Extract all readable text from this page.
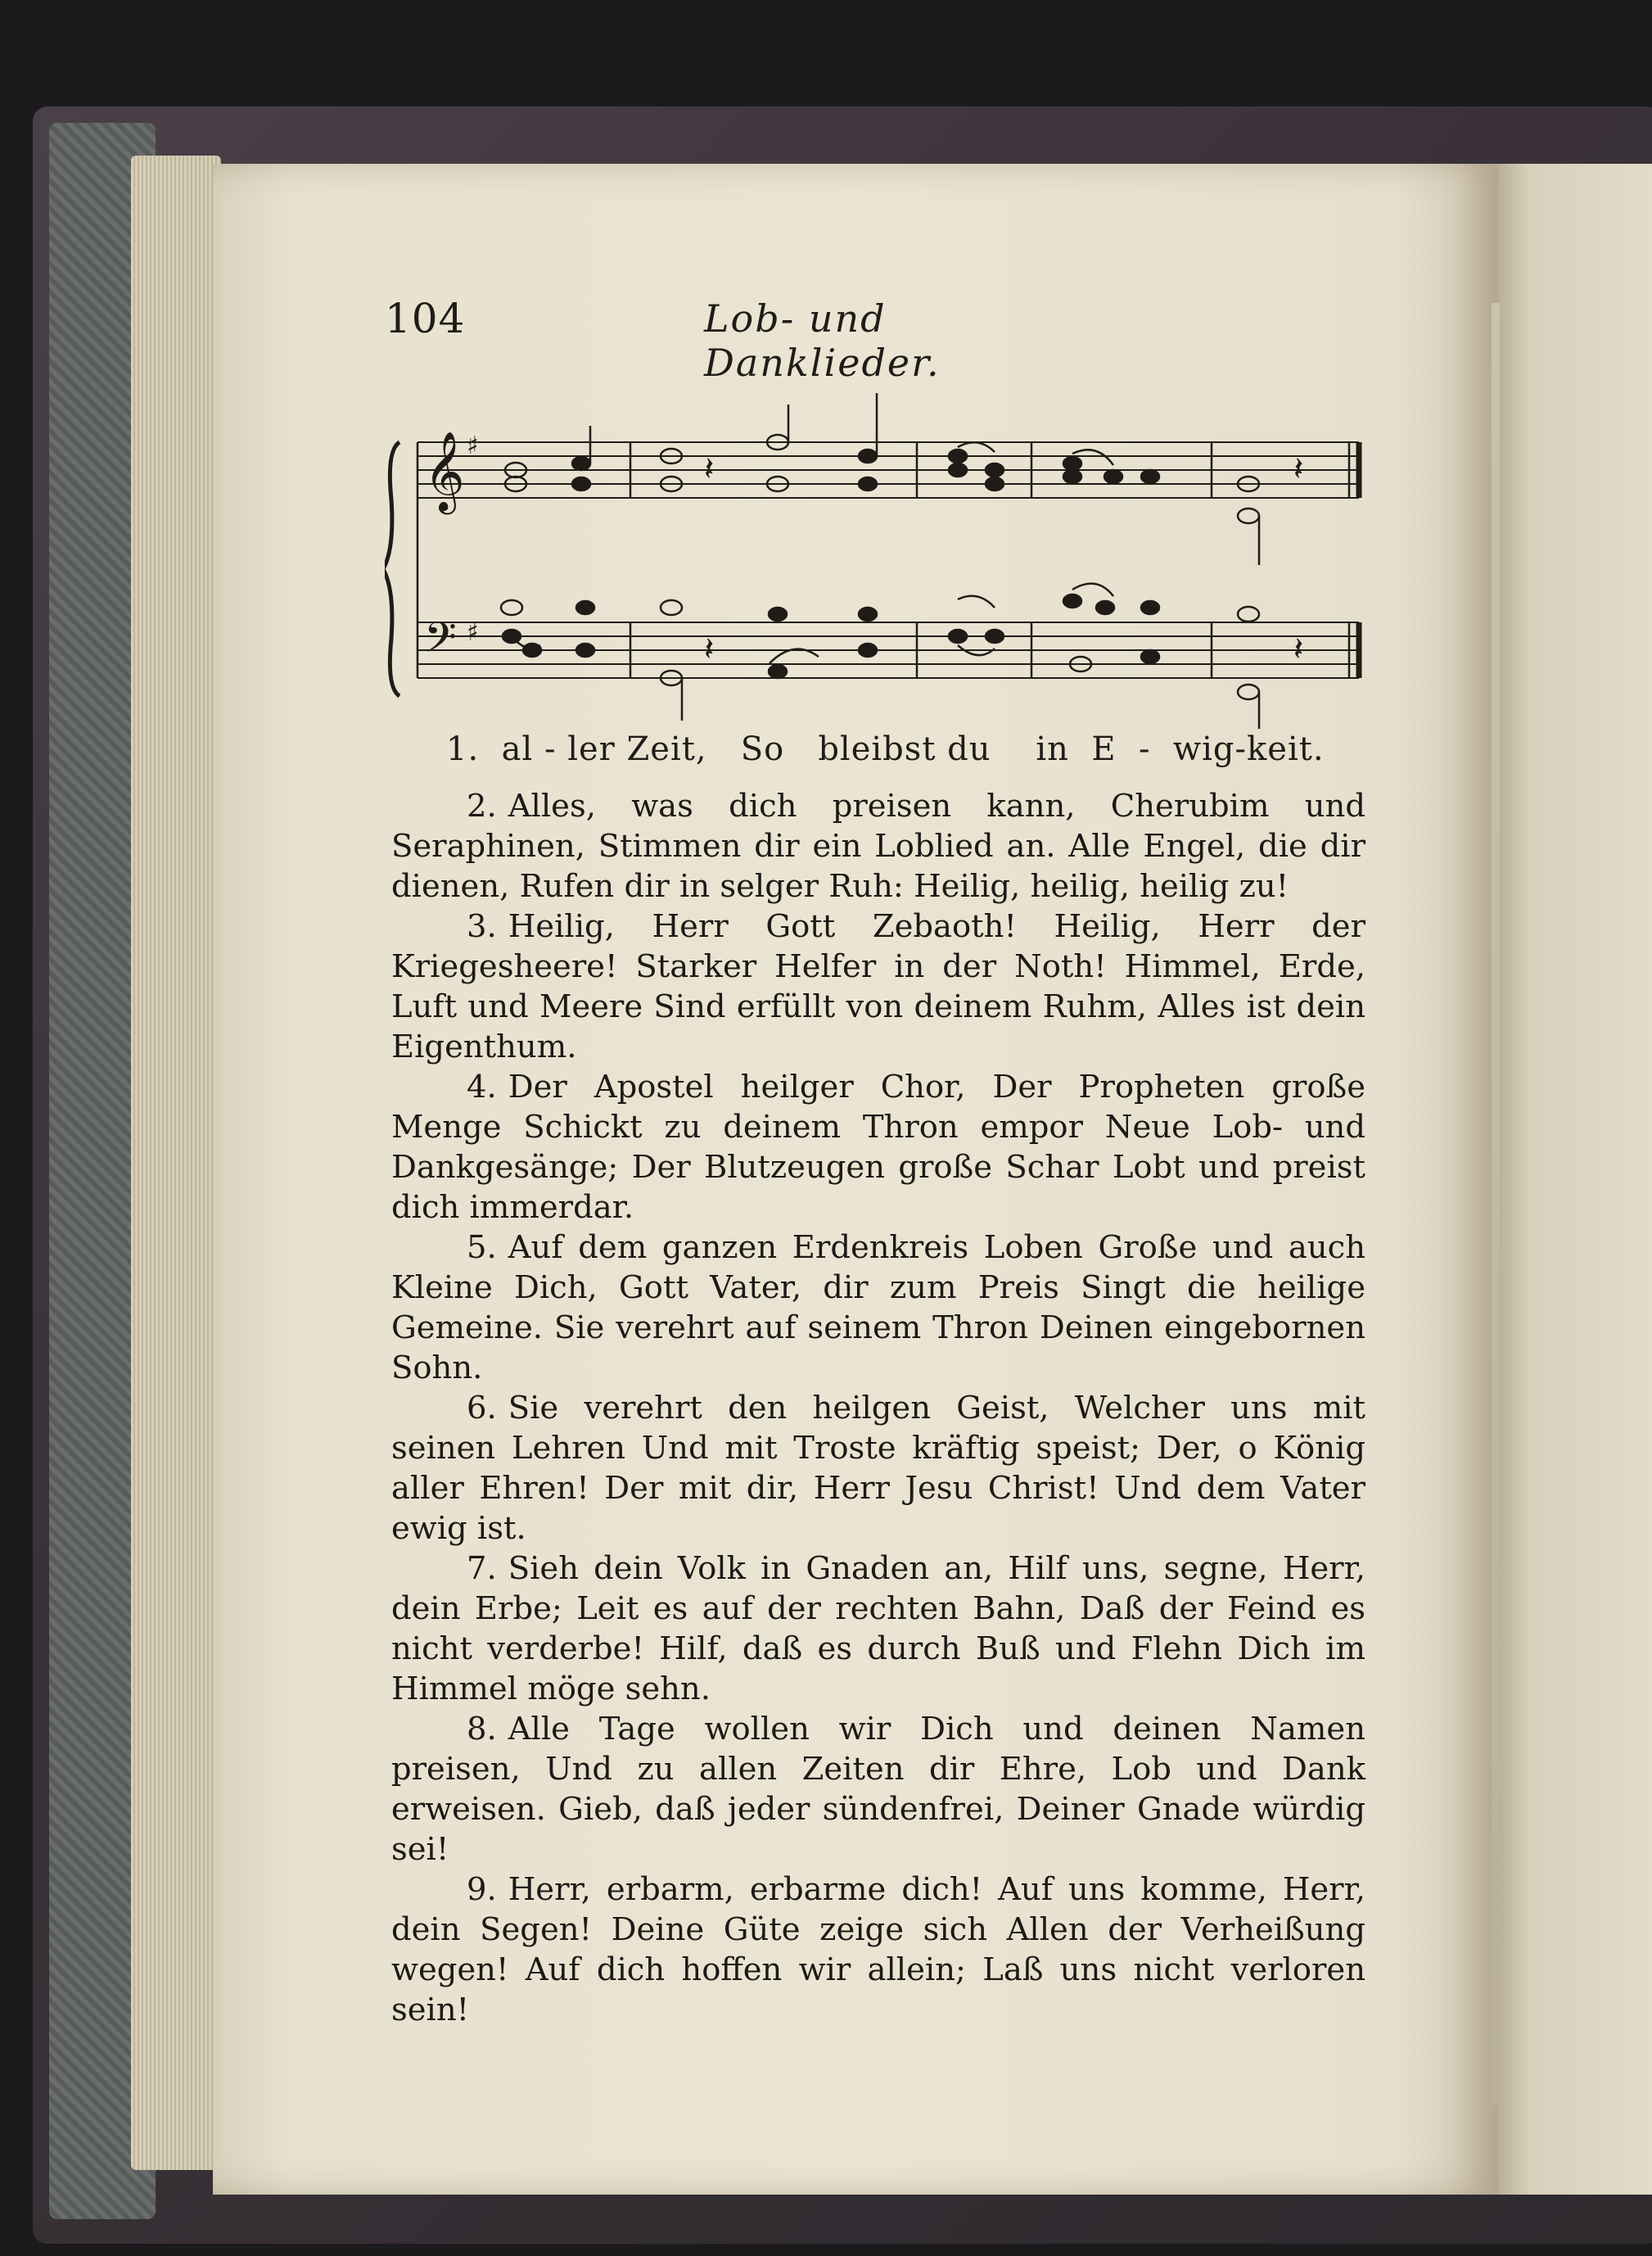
104	Lob- und Danklieder.
𝄞
𝄢
♯
♯
𝄽	𝄽
𝄽	𝄽
1. al - ler Zeit,   So   bleibst du    in  E  -  wig-keit.

2. Alles, was dich preisen kann, Cherubim und Seraphinen, Stimmen dir ein Loblied an. Alle Engel, die dir dienen, Rufen dir in selger Ruh: Heilig, heilig, heilig zu!

3. Heilig, Herr Gott Zebaoth! Heilig, Herr der Kriegesheere! Starker Helfer in der Noth! Himmel, Erde, Luft und Meere Sind erfüllt von deinem Ruhm, Alles ist dein Eigenthum.

4. Der Apostel heilger Chor, Der Propheten große Menge Schickt zu deinem Thron empor Neue Lob- und Dankgesänge; Der Blutzeugen große Schar Lobt und preist dich immerdar.

5. Auf dem ganzen Erdenkreis Loben Große und auch Kleine Dich, Gott Vater, dir zum Preis Singt die heilige Gemeine. Sie verehrt auf seinem Thron Deinen eingebornen Sohn.

6. Sie verehrt den heilgen Geist, Welcher uns mit seinen Lehren Und mit Troste kräftig speist; Der, o König aller Ehren! Der mit dir, Herr Jesu Christ! Und dem Vater ewig ist.

7. Sieh dein Volk in Gnaden an, Hilf uns, segne, Herr, dein Erbe; Leit es auf der rechten Bahn, Daß der Feind es nicht verderbe! Hilf, daß es durch Buß und Flehn Dich im Himmel möge sehn.

8. Alle Tage wollen wir Dich und deinen Namen preisen, Und zu allen Zeiten dir Ehre, Lob und Dank erweisen. Gieb, daß jeder sündenfrei, Deiner Gnade würdig sei!

9. Herr, erbarm, erbarme dich! Auf uns komme, Herr, dein Segen! Deine Güte zeige sich Allen der Verheißung wegen! Auf dich hoffen wir allein; Laß uns nicht verloren sein!
